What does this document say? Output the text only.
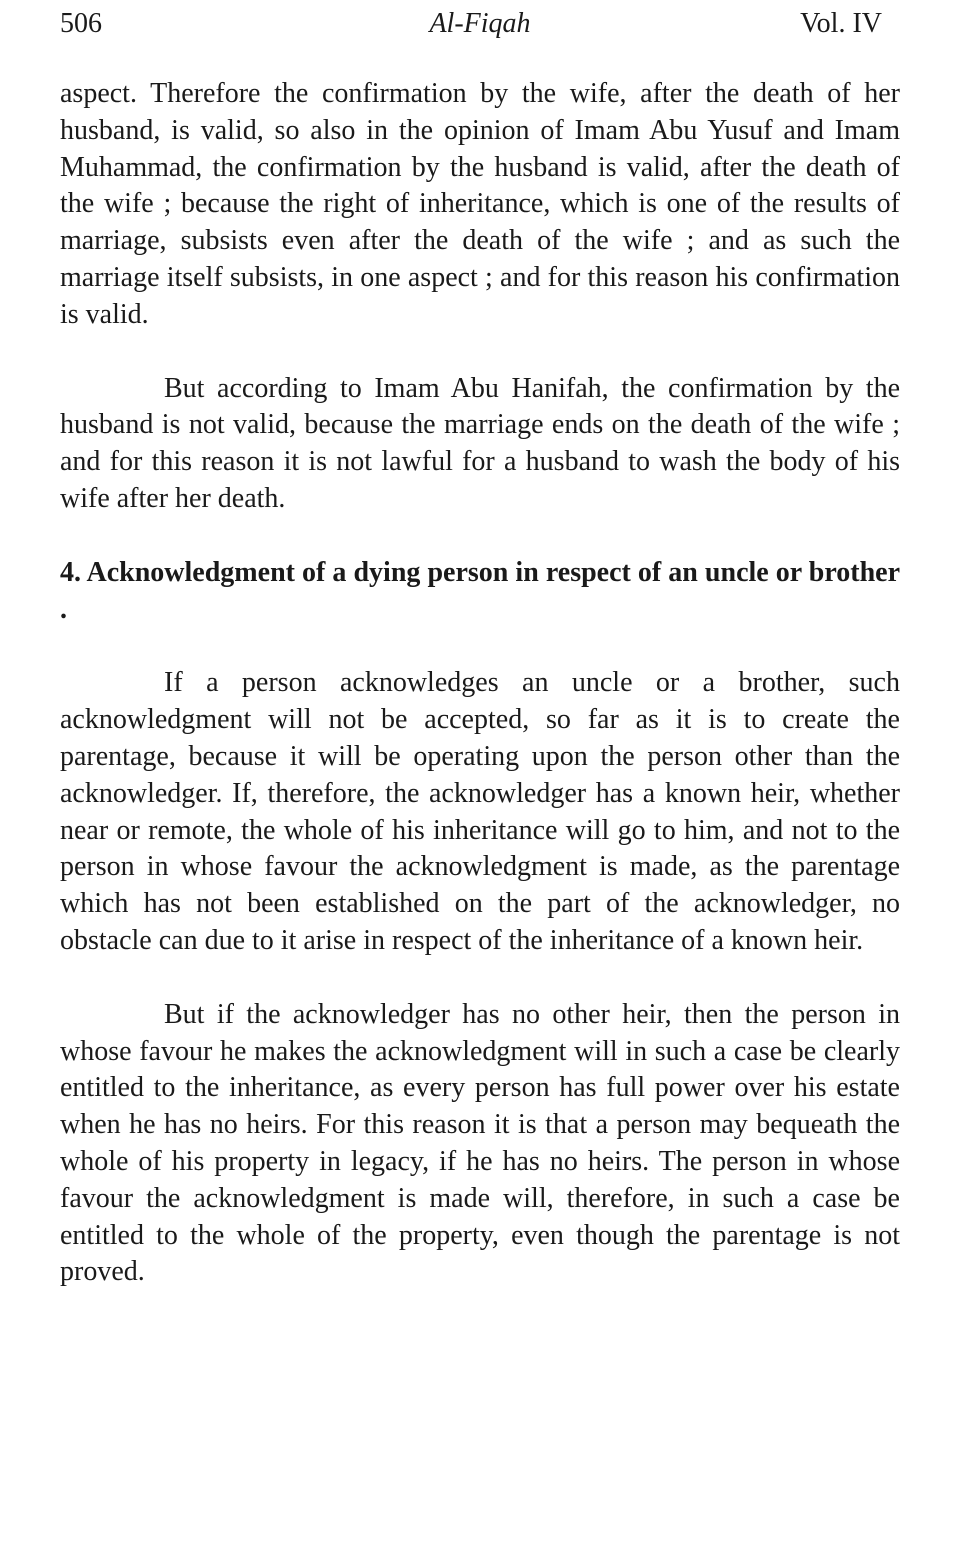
506	Al-Fiqah	Vol. IV

aspect. Therefore the confirmation by the wife, after the death of her husband, is valid, so also in the opinion of Imam Abu Yusuf and Imam Muhammad, the confirmation by the husband is valid, after the death of the wife ; because the right of inheritance, which is one of the results of marriage, subsists even after the death of the wife ; and as such the marriage itself subsists, in one aspect ; and for this reason his confirmation is valid.

But according to Imam Abu Hanifah, the confirmation by the husband is not valid, because the marriage ends on the death of the wife ; and for this reason it is not lawful for a husband to wash the body of his wife after her death.

4. Acknowledgment of a dying person in respect of an uncle or brother .

If a person acknowledges an uncle or a brother, such acknowledgment will not be accepted, so far as it is to create the parentage, because it will be operating upon the person other than the acknowledger. If, therefore, the acknowledger has a known heir, whether near or remote, the whole of his inheritance will go to him, and not to the person in whose favour the acknowledgment is made, as the parentage which has not been established on the part of the acknowledger, no obstacle can due to it arise in respect of the inheritance of a known heir.

But if the acknowledger has no other heir, then the person in whose favour he makes the acknowledgment will in such a case be clearly entitled to the inheritance, as every person has full power over his estate when he has no heirs. For this reason it is that a person may bequeath the whole of his property in legacy, if he has no heirs. The person in whose favour the acknowledgment is made will, therefore, in such a case be entitled to the whole of the property, even though the parentage is not proved.
